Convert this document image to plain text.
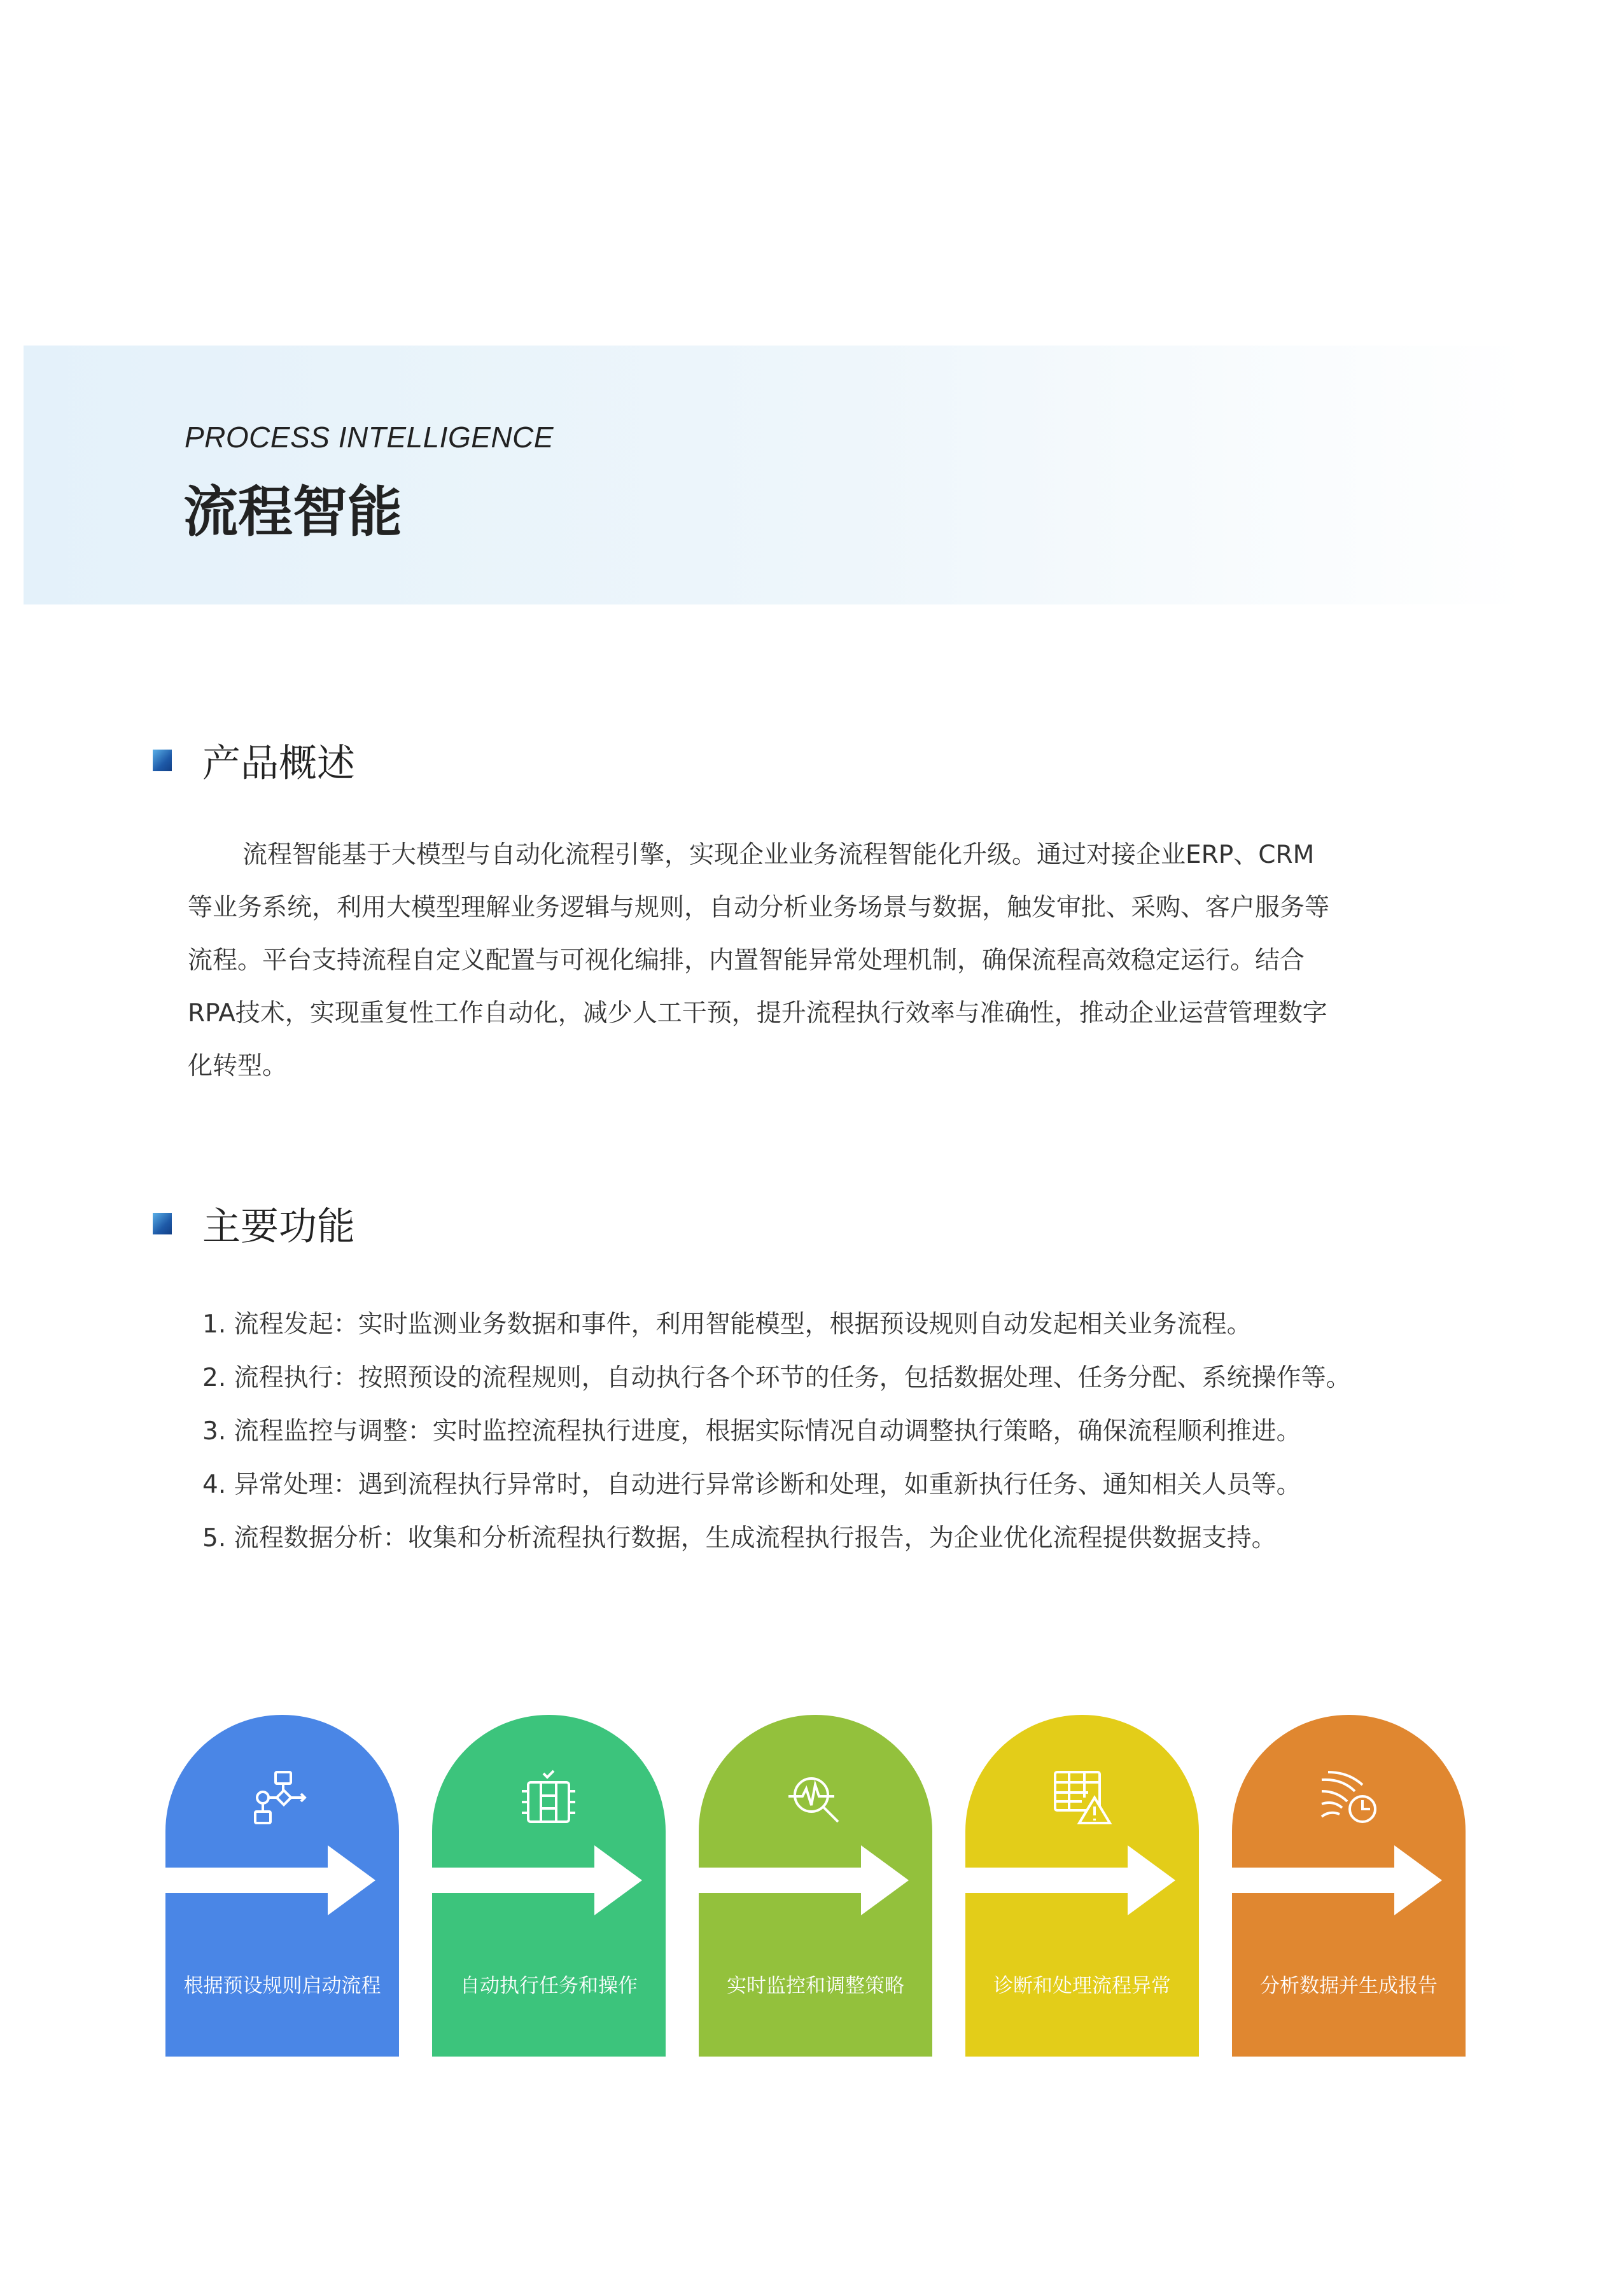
PROCESS INTELLIGENCE
流程智能
产品概述
流程智能基于大模型与自动化流程引擎，实现企业业务流程智能化升级。通过对接企业ERP、CRM
等业务系统，利用大模型理解业务逻辑与规则，自动分析业务场景与数据，触发审批、采购、客户服务等
流程。平台支持流程自定义配置与可视化编排，内置智能异常处理机制，确保流程高效稳定运行。结合
RPA技术，实现重复性工作自动化，减少人工干预，提升流程执行效率与准确性，推动企业运营管理数字
化转型。
主要功能
1. 流程发起：实时监测业务数据和事件，利用智能模型，根据预设规则自动发起相关业务流程。
2. 流程执行：按照预设的流程规则，自动执行各个环节的任务，包括数据处理、任务分配、系统操作等。
3. 流程监控与调整：实时监控流程执行进度，根据实际情况自动调整执行策略，确保流程顺利推进。
4. 异常处理：遇到流程执行异常时，自动进行异常诊断和处理，如重新执行任务、通知相关人员等。
5. 流程数据分析：收集和分析流程执行数据，生成流程执行报告，为企业优化流程提供数据支持。
根据预设规则启动流程	自动执行任务和操作	实时监控和调整策略	诊断和处理流程异常	分析数据并生成报告
